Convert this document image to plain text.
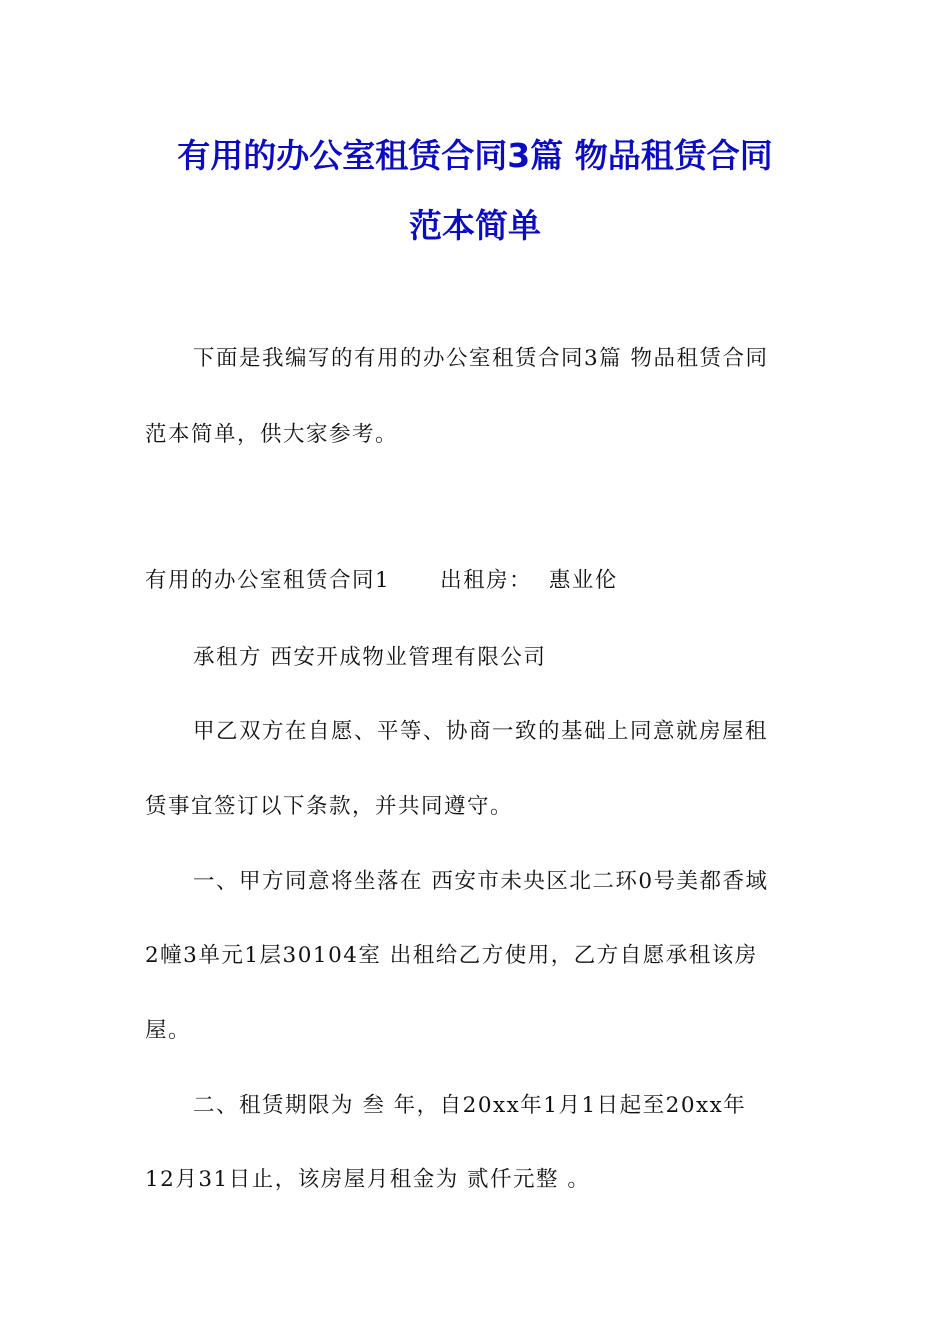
有用的办公室租赁合同3篇 物品租赁合同
范本简单
下面是我编写的有用的办公室租赁合同3篇 物品租赁合同
范本简单，供大家参考。
有用的办公室租赁合同1      出租房：  惠业伦
承租方 西安开成物业管理有限公司
甲乙双方在自愿、平等、协商一致的基础上同意就房屋租
赁事宜签订以下条款，并共同遵守。
一、甲方同意将坐落在 西安市未央区北二环0号美都香域
2幢3单元1层30104室 出租给乙方使用，乙方自愿承租该房
屋。
二、租赁期限为 叁 年，自20xx年1月1日起至20xx年
12月31日止，该房屋月租金为 贰仟元整 。
